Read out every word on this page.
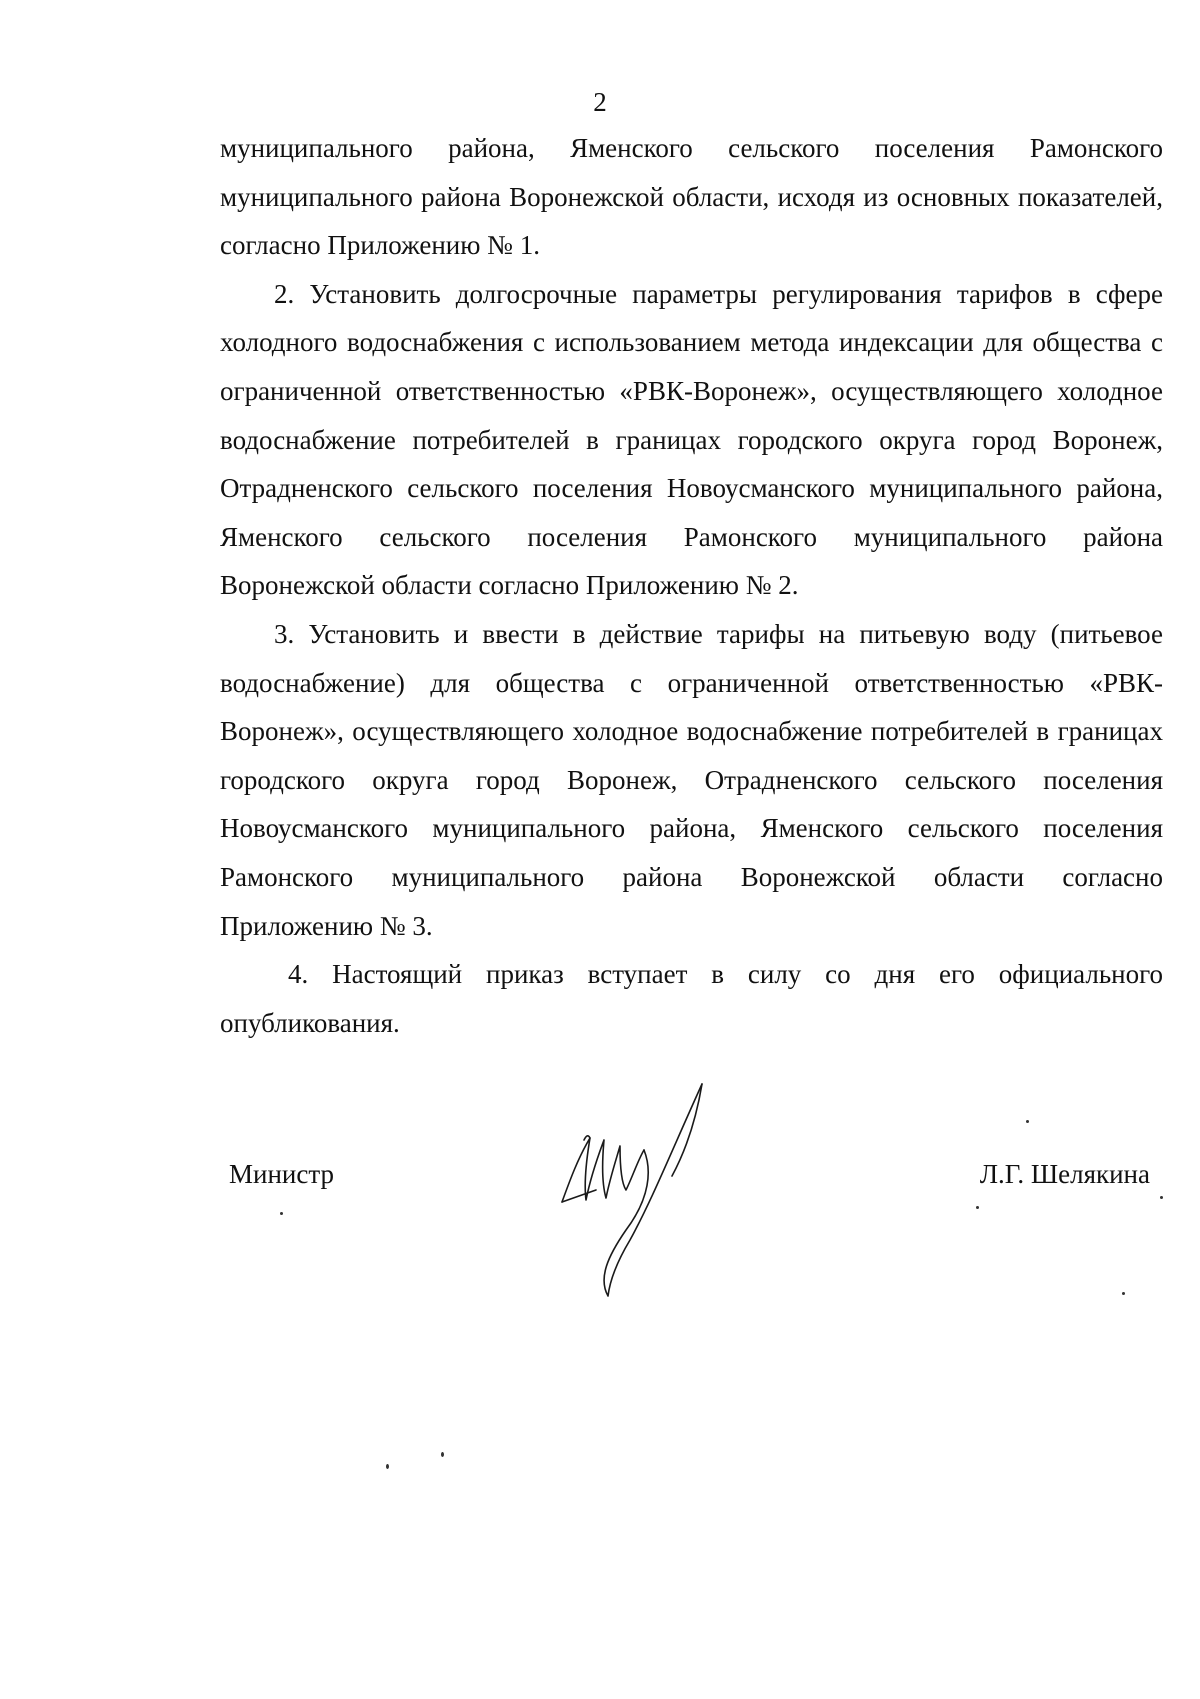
2

муниципального района, Яменского сельского поселения Рамонского муниципального района Воронежской области, исходя из основных показателей, согласно Приложению № 1.

2. Установить долгосрочные параметры регулирования тарифов в сфере холодного водоснабжения с использованием метода индексации для общества с ограниченной ответственностью «РВК-Воронеж», осуществляющего холодное водоснабжение потребителей в границах городского округа город Воронеж, Отрадненского сельского поселения Новоусманского муниципального района, Яменского сельского поселения Рамонского муниципального района Воронежской области согласно Приложению № 2.

3. Установить и ввести в действие тарифы на питьевую воду (питьевое водоснабжение) для общества с ограниченной ответственностью «РВК-Воронеж», осуществляющего холодное водоснабжение потребителей в границах городского округа город Воронеж, Отрадненского сельского поселения Новоусманского муниципального района, Яменского сельского поселения Рамонского муниципального района Воронежской области согласно Приложению № 3.

4. Настоящий приказ вступает в силу со дня его официального опубликования.

Министр	Л.Г. Шелякина
